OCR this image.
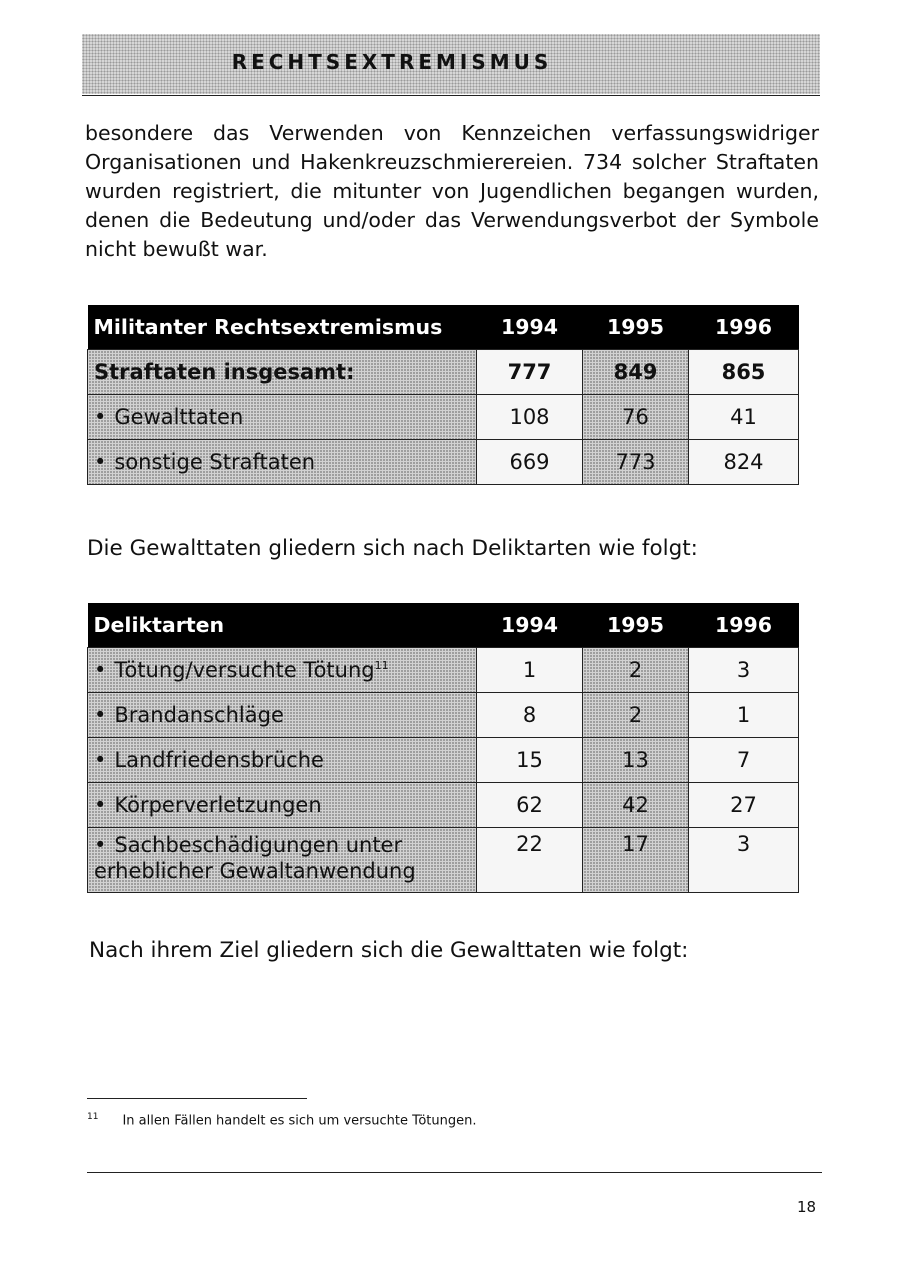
RECHTSEXTREMISMUS

besondere das Verwenden von Kennzeichen verfassungswidriger Organisationen und Hakenkreuzschmierereien. 734 solcher Straftaten wurden registriert, die mitunter von Jugendlichen begangen wurden, denen die Bedeutung und/oder das Verwendungsverbot der Symbole nicht bewußt war.

Militanter Rechtsextremismus	1994	1995	1996
Straftaten insgesamt:	777	849	865
• Gewalttaten	108	76	41
• sonstige Straftaten	669	773	824
Die Gewalttaten gliedern sich nach Deliktarten wie folgt:
Deliktarten	1994	1995	1996
• Tötung/versuchte Tötung$^{11}$	1	2	3
• Brandanschläge	8	2	1
• Landfriedensbrüche	15	13	7
• Körperverletzungen	62	42	27
• Sachbeschädigungen unter erheblicher Gewaltanwendung	22	17	3
Nach ihrem Ziel gliedern sich die Gewalttaten wie folgt:
$^{11}$ In allen Fällen handelt es sich um versuchte Tötungen.
18
